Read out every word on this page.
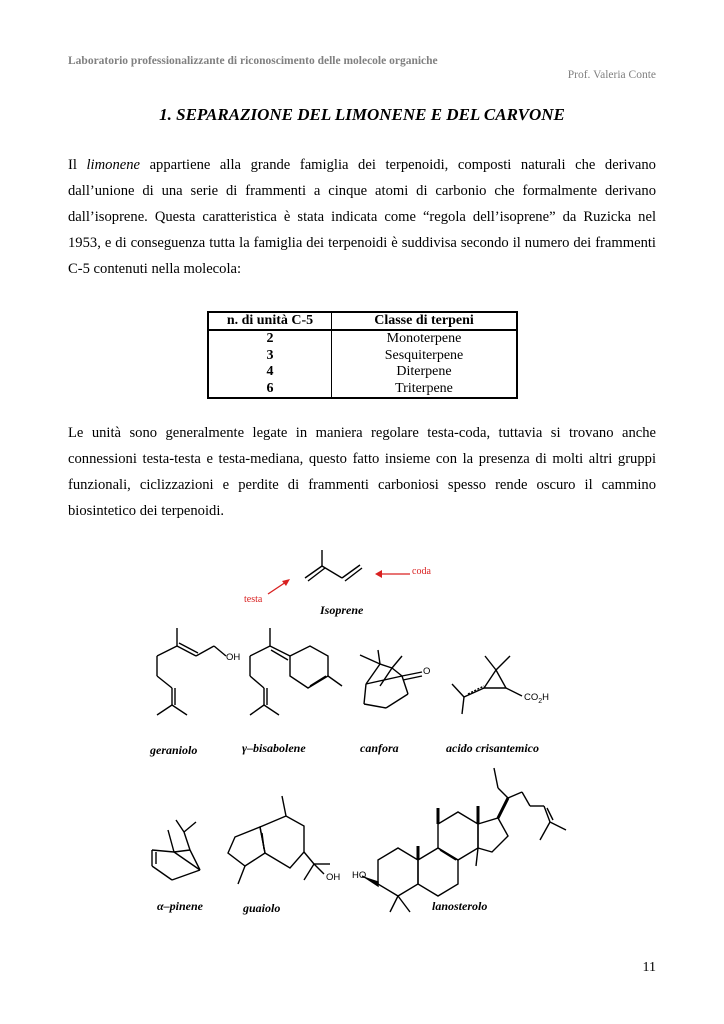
Laboratorio professionalizzante di riconoscimento delle molecole organiche
Prof. Valeria Conte
1. SEPARAZIONE DEL LIMONENE E DEL CARVONE
Il limonene appartiene alla grande famiglia dei terpenoidi, composti naturali che derivano
dall’unione di una serie di frammenti a cinque atomi di carbonio che formalmente derivano
dall’isoprene. Questa caratteristica è stata indicata come “regola dell’isoprene” da Ruzicka nel
1953, e di conseguenza tutta la famiglia dei terpenoidi è suddivisa secondo il numero dei frammenti
C-5 contenuti nella molecola:
n. di unità C-5	Classe di terpeni
2	Monoterpene
3	Sesquiterpene
4	Diterpene
6	Triterpene
Le unità sono generalmente legate in maniera regolare testa-coda, tuttavia si trovano anche
connessioni testa-testa e testa-mediana, questo fatto insieme con la presenza di molti altri gruppi
funzionali, ciclizzazioni e perdite di frammenti carboniosi spesso rende oscuro il cammino
biosintetico dei terpenoidi.
OH
O
$CO_2H$
OH HO
coda
testa
Isoprene
geraniolo	γ–bisabolene	canfora	acido crisantemico
α–pinene	guaiolo	lanosterolo
11
